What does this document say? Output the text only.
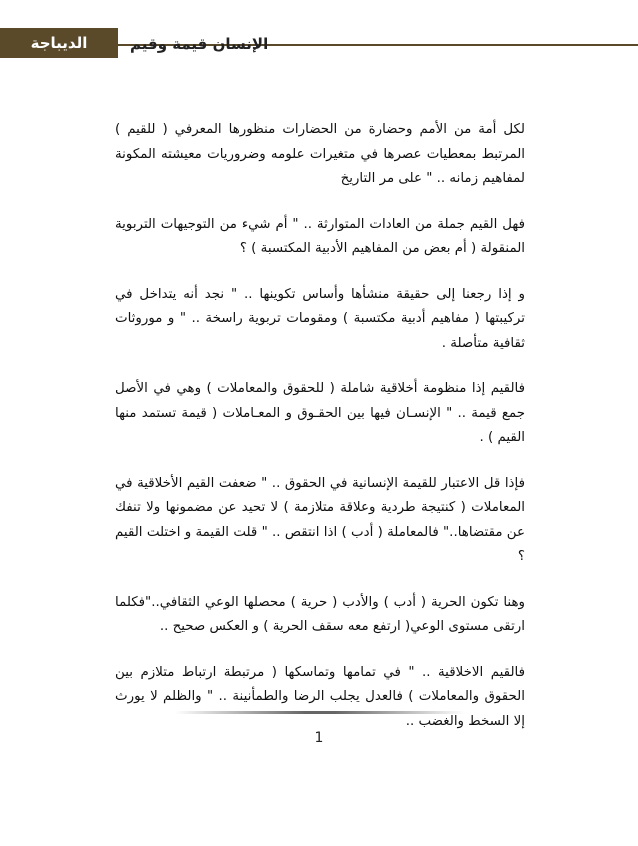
الديباجة	الإنسان قيمة وقيم

لكل أمة من الأمم وحضارة من الحضارات منظورها المعرفي ( للقيم ) المرتبط بمعطيات عصرها في متغيرات علومه وضروريات معيشته المكونة لمفاهيم زمانه .. " على مر التاريخ

فهل القيم جملة من العادات المتوارثة .. " أم شيء من التوجيهات التربوية المنقولة ( أم بعض من المفاهيم الأدبية المكتسبة ) ؟

و إذا رجعنا إلى حقيقة منشأها وأساس تكوينها .. " نجد أنه يتداخل في تركيبتها ( مفاهيم أدبية مكتسبة ) ومقومات تربوية راسخة .. " و موروثات ثقافية متأصلة .

فالقيم إذا منظومة أخلاقية شاملة ( للحقوق والمعاملات ) وهي في الأصل جمع قيمة .. " الإنسـان فيها بين الحقـوق و المعـاملات ( قيمة تستمد منها القيم ) .

فإذا قل الاعتبار للقيمة الإنسانية في الحقوق .. " ضعفت القيم الأخلاقية في المعاملات ( كنتيجة طردية وعلاقة متلازمة ) لا تحيد عن مضمونها ولا تنفك عن مقتضاها.." فالمعاملة ( أدب ) اذا انتقص .. " قلت القيمة و اختلت القيم ؟

وهنا تكون الحرية ( أدب ) والأدب ( حرية ) محصلها الوعي الثقافي.."فكلما ارتقى مستوى الوعي( ارتفع معه سقف الحرية ) و العكس صحيح ..

فالقيم الاخلاقية .. " في تمامها وتماسكها ( مرتبطة ارتباط متلازم بين الحقوق والمعاملات ) فالعدل يجلب الرضا والطمأنينة .. " والظلم لا يورث إلا السخط والغضب ..

1
